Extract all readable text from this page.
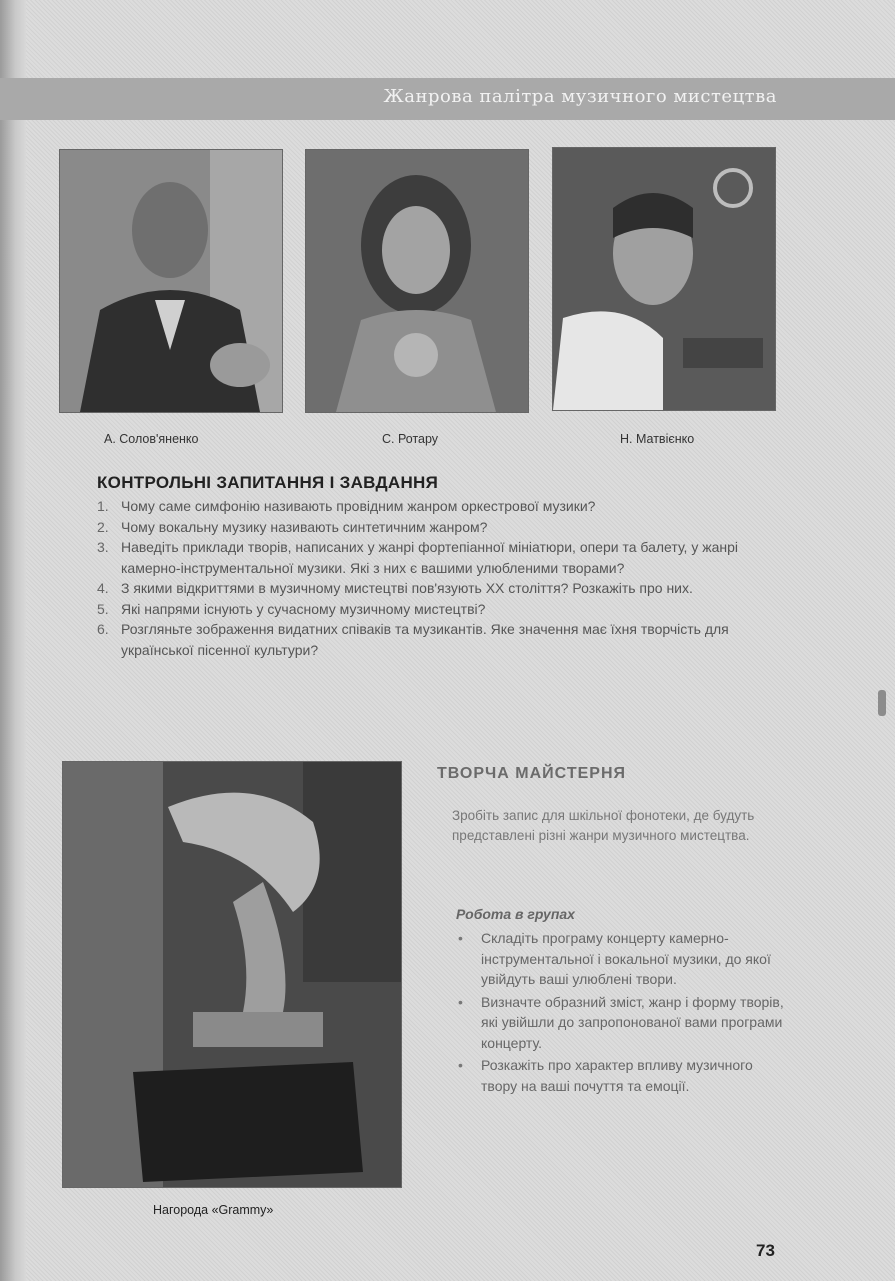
Жанрова палітра музичного мистецтва
А. Солов'яненко	С. Ротару	Н. Матвієнко
КОНТРОЛЬНІ ЗАПИТАННЯ І ЗАВДАННЯ
1. Чому саме симфонію називають провідним жанром оркестрової музики?
2. Чому вокальну музику називають синтетичним жанром?
3. Наведіть приклади творів, написаних у жанрі фортепіанної мініатюри, опери та балету, у жанрі камерно-інструментальної музики. Які з них є вашими улюбленими творами?
4. З якими відкриттями в музичному мистецтві пов'язують XX століття? Розкажіть про них.
5. Які напрями існують у сучасному музичному мистецтві?
6. Розгляньте зображення видатних співаків та музикантів. Яке значення має їхня творчість для української пісенної культури?
Нагорода «Grammy»
ТВОРЧА МАЙСТЕРНЯ
Зробіть запис для шкільної фонотеки, де будуть представлені різні жанри музичного мистецтва.
Робота в групах
• Складіть програму концерту камерно-інструментальної і вокальної музики, до якої увійдуть ваші улюблені твори.
• Визначте образний зміст, жанр і форму творів, які увійшли до запропонованої вами програми концерту.
• Розкажіть про характер впливу музичного твору на ваші почуття та емоції.
73
